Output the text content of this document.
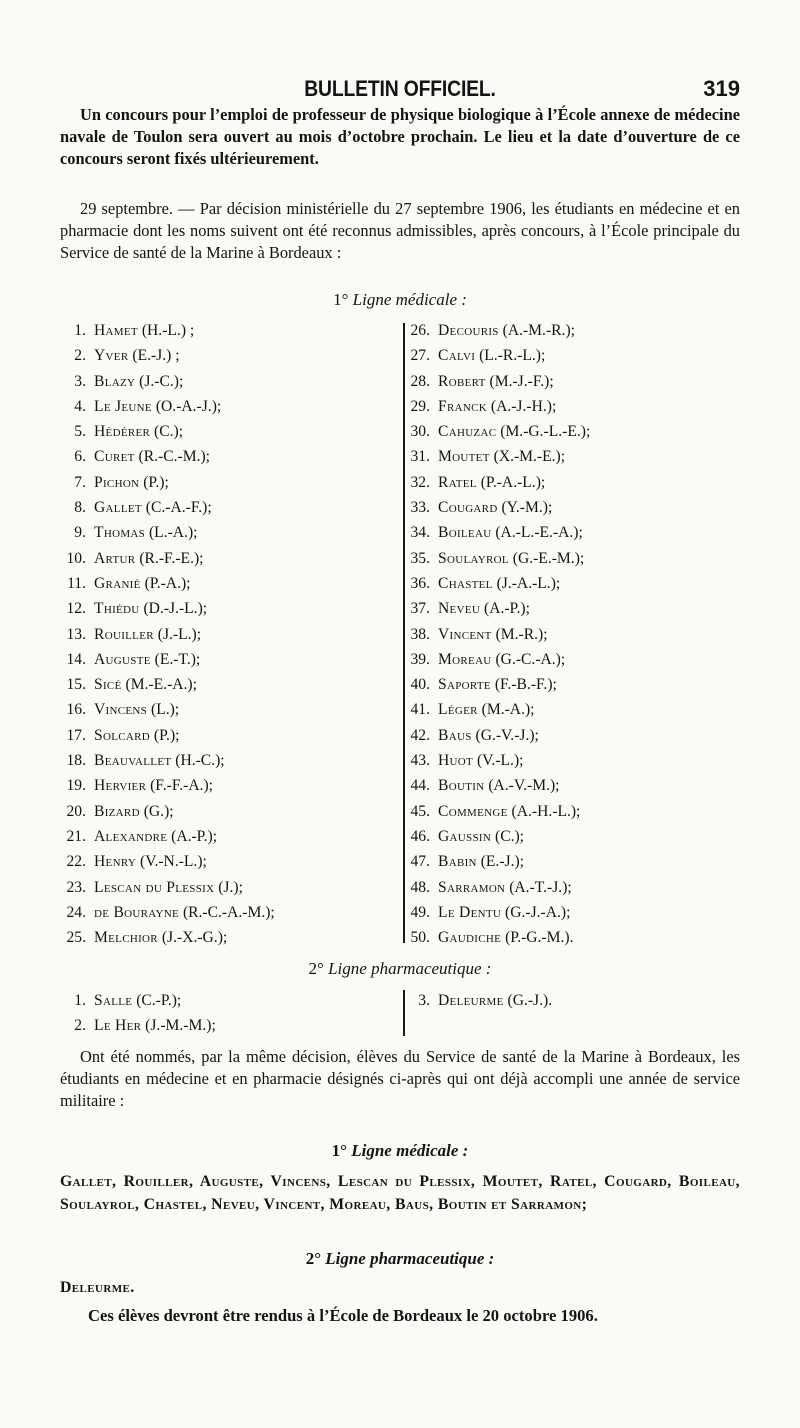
BULLETIN OFFICIEL.	319

Un concours pour l’emploi de professeur de physique biologique à l’École annexe de médecine navale de Toulon sera ouvert au mois d’octobre prochain. Le lieu et la date d’ouverture de ce concours seront fixés ultérieurement.

29 septembre. — Par décision ministérielle du 27 septembre 1906, les étudiants en médecine et en pharmacie dont les noms suivent ont été reconnus admissibles, après concours, à l’École principale du Service de santé de la Marine à Bordeaux :

1° Ligne médicale :
1. Hamet (H.-L.) ;
2. Yver (E.-J.) ;
3. Blazy (J.-C.);
4. Le Jeune (O.-A.-J.);
5. Hédérer (C.);
6. Curet (R.-C.-M.);
7. Pichon (P.);
8. Gallet (C.-A.-F.);
9. Thomas (L.-A.);
10. Artur (R.-F.-E.);
11. Granié (P.-A.);
12. Thiédu (D.-J.-L.);
13. Rouiller (J.-L.);
14. Auguste (E.-T.);
15. Sicé (M.-E.-A.);
16. Vincens (L.);
17. Solcard (P.);
18. Beauvallet (H.-C.);
19. Hervier (F.-F.-A.);
20. Bizard (G.);
21. Alexandre (A.-P.);
22. Henry (V.-N.-L.);
23. Lescan du Plessix (J.);
24. de Bourayne (R.-C.-A.-M.);
25. Melchior (J.-X.-G.);
26. Decouris (A.-M.-R.);
27. Calvi (L.-R.-L.);
28. Robert (M.-J.-F.);
29. Franck (A.-J.-H.);
30. Cahuzac (M.-G.-L.-E.);
31. Moutet (X.-M.-E.);
32. Ratel (P.-A.-L.);
33. Cougard (Y.-M.);
34. Boileau (A.-L.-E.-A.);
35. Soulayrol (G.-E.-M.);
36. Chastel (J.-A.-L.);
37. Neveu (A.-P.);
38. Vincent (M.-R.);
39. Moreau (G.-C.-A.);
40. Saporte (F.-B.-F.);
41. Léger (M.-A.);
42. Baus (G.-V.-J.);
43. Huot (V.-L.);
44. Boutin (A.-V.-M.);
45. Commenge (A.-H.-L.);
46. Gaussin (C.);
47. Babin (E.-J.);
48. Sarramon (A.-T.-J.);
49. Le Dentu (G.-J.-A.);
50. Gaudiche (P.-G.-M.).
2° Ligne pharmaceutique :
1. Salle (C.-P.);
2. Le Her (J.-M.-M.);
3. Deleurme (G.-J.).

Ont été nommés, par la même décision, élèves du Service de santé de la Marine à Bordeaux, les étudiants en médecine et en pharmacie désignés ci-après qui ont déjà accompli une année de service militaire :

1° Ligne médicale :
Gallet, Rouiller, Auguste, Vincens, Lescan du Plessix, Moutet, Ratel, Cougard, Boileau, Soulayrol, Chastel, Neveu, Vincent, Moreau, Baus, Boutin et Sarramon;
2° Ligne pharmaceutique :
Deleurme.
Ces élèves devront être rendus à l’École de Bordeaux le 20 octobre 1906.
